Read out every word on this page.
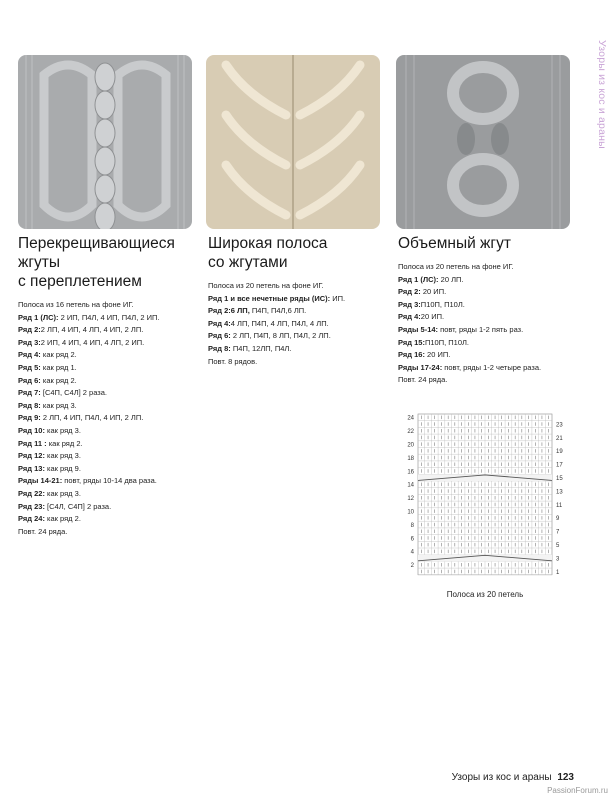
Узоры из кос и араны
Перекрещивающиеся
жгуты
с переплетением
Полоса из 16 петель на фоне ИГ.
Ряд 1 (ЛС): 2 ИП, П4Л, 4 ИП, П4Л, 2 ИП.
Ряд 2:2 ЛП, 4 ИП, 4 ЛП, 4 ИП, 2 ЛП.
Ряд 3:2 ИП, 4 ИП, 4 ИП, 4 ЛП, 2 ИП.
Ряд 4: как ряд 2.
Ряд 5: как ряд 1.
Ряд 6: как ряд 2.
Ряд 7: [С4П, С4Л] 2 раза.
Ряд 8: как ряд 3.
Ряд 9: 2 ЛП, 4 ИП, П4Л, 4 ИП, 2 ЛП.
Ряд 10: как ряд 3.
Ряд 11 : как ряд 2.
Ряд 12: как ряд 3.
Ряд 13: как ряд 9.
Ряды 14-21: повт, ряды 10-14 два раза.
Ряд 22: как ряд 3.
Ряд 23: [С4Л, С4П] 2 раза.
Ряд 24: как ряд 2.
Повт. 24 ряда.
Широкая полоса
со жгутами
Полоса из 20 петель на фоне ИГ.
Ряд 1 и все нечетные ряды (ИС): ИП.
Ряд 2:6 ЛП, П4П, П4Л,6 ЛП.
Ряд 4:4 ЛП, П4П, 4 ЛП, П4Л, 4 ЛП.
Ряд 6: 2 ЛП, П4П, 8 ЛП, П4Л, 2 ЛП.
Ряд 8: П4П, 12ЛП, П4Л.
Повт. 8 рядов.
Объемный жгут
Полоса из 20 петель на фоне ИГ.
Ряд 1 (ЛС): 20 ЛП.
Ряд 2: 20 ИП.
Ряд 3:П10П, П10Л.
Ряд 4:20 ИП.
Ряды 5-14: повт, ряды 1-2 пять раз.
Ряд 15:П10П, П10Л.
Ряд 16: 20 ИП.
Ряды 17-24: повт, ряды 1-2 четыре раза.
Повт. 24 ряда.
24
22
20
18
16
14
12
10
8
6
4
2
23
21
19
17
15
13
11
9
7
5
3
1
Полоса из 20 петель
Узоры из кос и араны 123
PassionForum.ru
